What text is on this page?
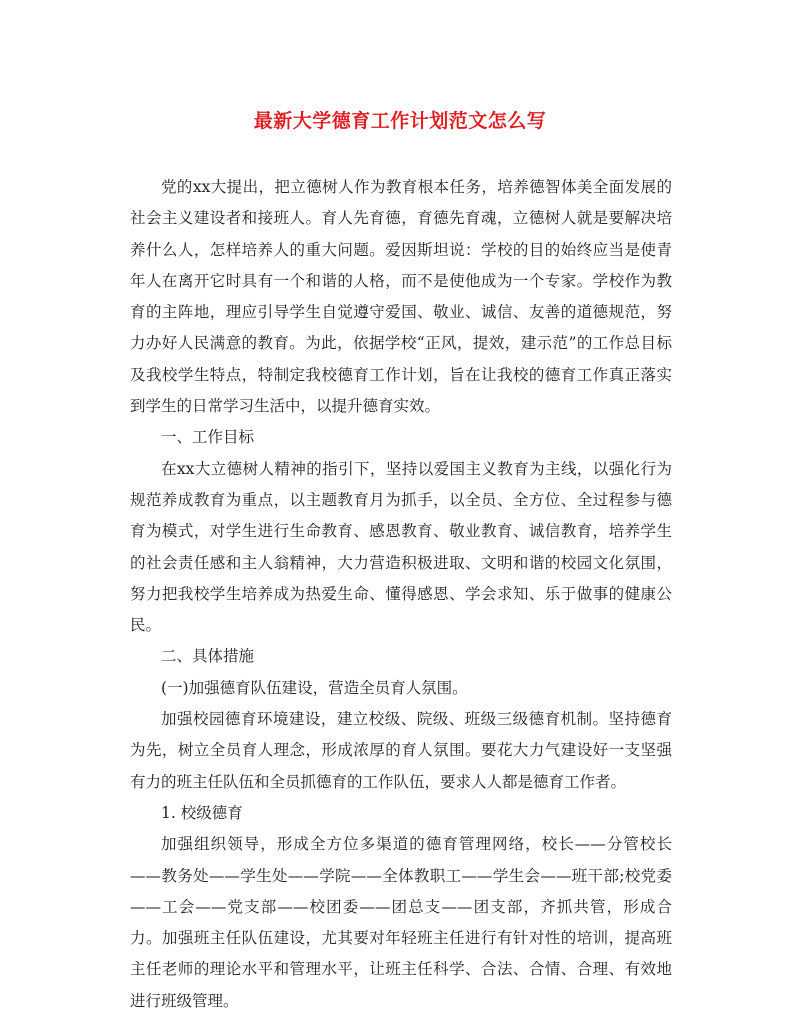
最新大学德育工作计划范文怎么写

党的xx大提出，把立德树人作为教育根本任务，培养德智体美全面发展的社会主义建设者和接班人。育人先育德，育德先育魂，立德树人就是要解决培养什么人，怎样培养人的重大问题。爱因斯坦说：学校的目的始终应当是使青年人在离开它时具有一个和谐的人格，而不是使他成为一个专家。学校作为教育的主阵地，理应引导学生自觉遵守爱国、敬业、诚信、友善的道德规范，努力办好人民满意的教育。为此，依据学校“正风，提效，建示范”的工作总目标及我校学生特点，特制定我校德育工作计划，旨在让我校的德育工作真正落实到学生的日常学习生活中，以提升德育实效。

一、工作目标

在xx大立德树人精神的指引下，坚持以爱国主义教育为主线，以强化行为规范养成教育为重点，以主题教育月为抓手，以全员、全方位、全过程参与德育为模式，对学生进行生命教育、感恩教育、敬业教育、诚信教育，培养学生的社会责任感和主人翁精神，大力营造积极进取、文明和谐的校园文化氛围，努力把我校学生培养成为热爱生命、懂得感恩、学会求知、乐于做事的健康公民。

二、具体措施

(一)加强德育队伍建设，营造全员育人氛围。

加强校园德育环境建设，建立校级、院级、班级三级德育机制。坚持德育为先，树立全员育人理念，形成浓厚的育人氛围。要花大力气建设好一支坚强有力的班主任队伍和全员抓德育的工作队伍，要求人人都是德育工作者。

1. 校级德育

加强组织领导，形成全方位多渠道的德育管理网络，校长——分管校长——教务处——学生处——学院——全体教职工——学生会——班干部;校党委——工会——党支部——校团委——团总支——团支部，齐抓共管，形成合力。加强班主任队伍建设，尤其要对年轻班主任进行有针对性的培训，提高班主任老师的理论水平和管理水平，让班主任科学、合法、合情、合理、有效地进行班级管理。
